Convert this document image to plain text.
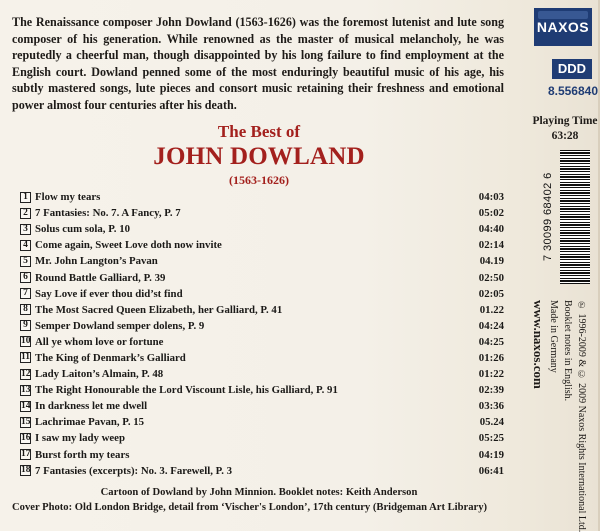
The Renaissance composer John Dowland (1563-1626) was the foremost lutenist and lute song composer of his generation. While renowned as the master of musical melancholy, he was reputedly a cheerful man, though disappointed by his long failure to find employment at the English court. Dowland penned some of the most enduringly beautiful music of his age, his subtly mastered songs, lute pieces and consort music retaining their freshness and emotional power almost four centuries after his death.

The Best of
JOHN DOWLAND
(1563-1626)
1 Flow my tears	04:03
2 7 Fantasies: No. 7. A Fancy, P. 7	05:02
3 Solus cum sola, P. 10	04:40
4 Come again, Sweet Love doth now invite	02:14
5 Mr. John Langton’s Pavan	04.19
6 Round Battle Galliard, P. 39	02:50
7 Say Love if ever thou did’st find	02:05
8 The Most Sacred Queen Elizabeth, her Galliard, P. 41	01.22
9 Semper Dowland semper dolens, P. 9	04:24
10 All ye whom love or fortune	04:25
11 The King of Denmark’s Galliard	01:26
12 Lady Laiton’s Almain, P. 48	01:22
13 The Right Honourable the Lord Viscount Lisle, his Galliard, P. 91	02:39
14 In darkness let me dwell	03:36
15 Lachrimae Pavan, P. 15	05.24
16 I saw my lady weep	05:25
17 Burst forth my tears	04:19
18 7 Fantasies (excerpts): No. 3. Farewell, P. 3	06:41
Cartoon of Dowland by John Minnion. Booklet notes: Keith Anderson
Cover Photo: Old London Bridge, detail from ‘Vischer's London’, 17th century (Bridgeman Art Library)
NAXOS
DDD
8.556840
Playing Time
63:28
7 30099 68402 6
www.naxos.com Made in Germany Booklet notes in English. ℗ 1996-2009 & © 2009 Naxos Rights International Ltd.
